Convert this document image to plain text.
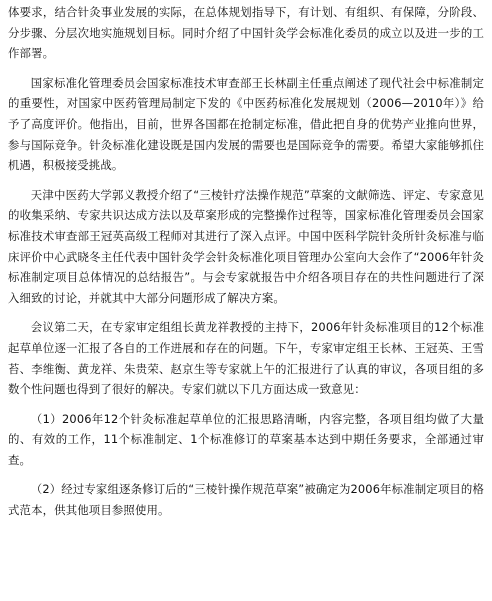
体要求，结合针灸事业发展的实际，在总体规划指导下，有计划、有组织、有保障，分阶段、分步骤、分层次地实施规划目标。同时介绍了中国针灸学会标准化委员的成立以及进一步的工作部署。

国家标准化管理委员会国家标准技术审查部王长林副主任重点阐述了现代社会中标准制定的重要性，对国家中医药管理局制定下发的《中医药标准化发展规划（2006—2010年）》给予了高度评价。他指出，目前，世界各国都在抢制定标准，借此把自身的优势产业推向世界，参与国际竞争。针灸标准化建设既是国内发展的需要也是国际竞争的需要。希望大家能够抓住机遇，积极接受挑战。

天津中医药大学郭义教授介绍了“三棱针疗法操作规范”草案的文献筛选、评定、专家意见的收集采纳、专家共识达成方法以及草案形成的完整操作过程等，国家标准化管理委员会国家标准技术审查部王冠英高级工程师对其进行了深入点评。中国中医科学院针灸所针灸标准与临床评价中心武晓冬主任代表中国针灸学会针灸标准化项目管理办公室向大会作了“2006年针灸标准制定项目总体情况的总结报告”。与会专家就报告中介绍各项目存在的共性问题进行了深入细致的讨论，并就其中大部分问题形成了解决方案。

会议第二天，在专家审定组组长黄龙祥教授的主持下，2006年针灸标准项目的12个标准起草单位逐一汇报了各自的工作进展和存在的问题。下午，专家审定组王长林、王冠英、王雪苔、李维衡、黄龙祥、朱贵荣、赵京生等专家就上午的汇报进行了认真的审议，各项目组的多数个性问题也得到了很好的解决。专家们就以下几方面达成一致意见：

（1）2006年12个针灸标准起草单位的汇报思路清晰，内容完整，各项目组均做了大量的、有效的工作，11个标准制定、1个标准修订的草案基本达到中期任务要求，全部通过审查。

（2）经过专家组逐条修订后的“三棱针操作规范草案”被确定为2006年标准制定项目的格式范本，供其他项目参照使用。
